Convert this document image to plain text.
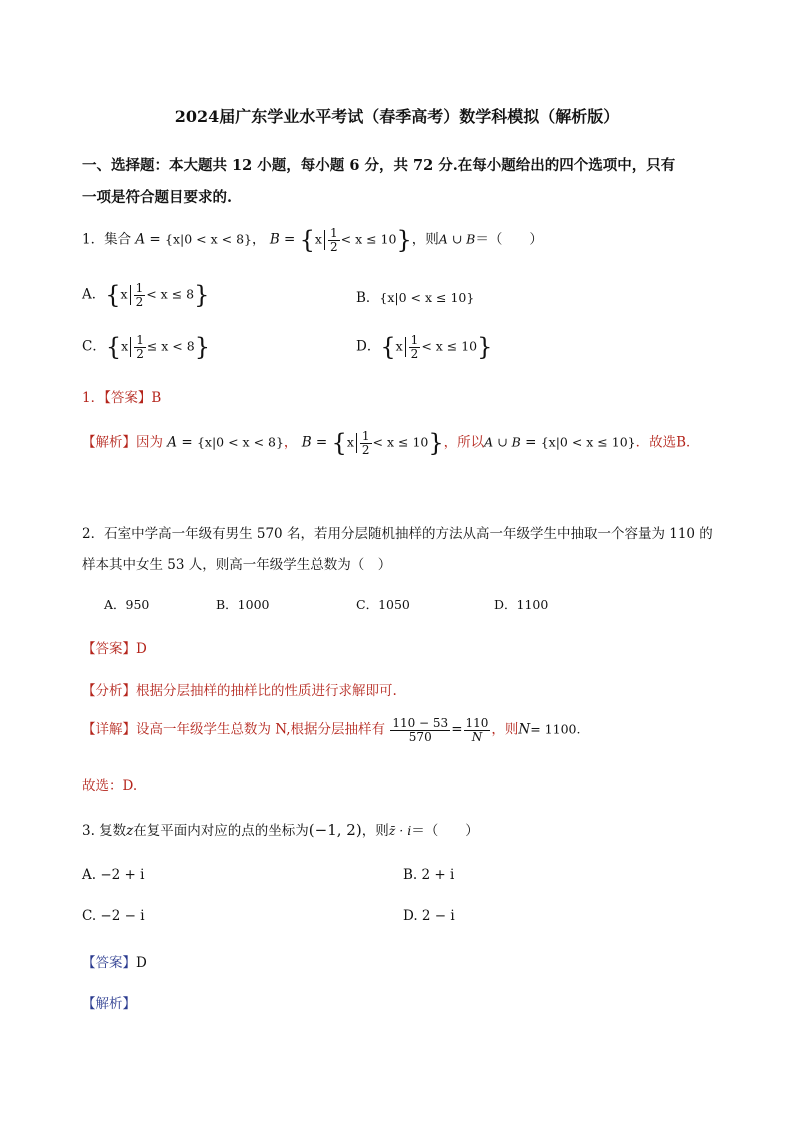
2024届广东学业水平考试（春季高考）数学科模拟（解析版）
一、选择题：本大题共 12 小题，每小题 6 分，共 72 分.在每小题给出的四个选项中，只有
一项是符合题目要求的.
1．集合 A = {x|0 < x < 8}， $B = \{x \frac{1}{2} < x \le 10\}$，则A ∪ B＝（　　）
A．$\{x \frac{1}{2} < x \le 8\}$	B．{x|0 < x ≤ 10}
C．$\{x \frac{1}{2} \le x < 8\}$	D．$\{x \frac{1}{2} < x \le 10\}$
1．【答案】B
【解析】因为 A = {x|0 < x < 8}， $B = \{x \frac{1}{2} < x \le 10\}$，所以A ∪ B = {x|0 < x ≤ 10}．故选B．
2．石室中学高一年级有男生 570 名，若用分层随机抽样的方法从高一年级学生中抽取一个容量为 110 的
样本其中女生 53 人，则高一年级学生总数为（　）
A．950	B．1000	C．1050	D．1100
【答案】D
【分析】根据分层抽样的抽样比的性质进行求解即可.
【详解】设高一年级学生总数为 N,根据分层抽样有 $\frac{110 - 53}{570} = \frac{110}{N}$ ，则N= 1100.
故选：D.
3. 复数z在复平面内对应的点的坐标为(−1, 2)，则z̄ · i＝（　　）
A. −2 + i	B. 2 + i
C. −2 − i	D. 2 − i
【答案】D
【解析】
